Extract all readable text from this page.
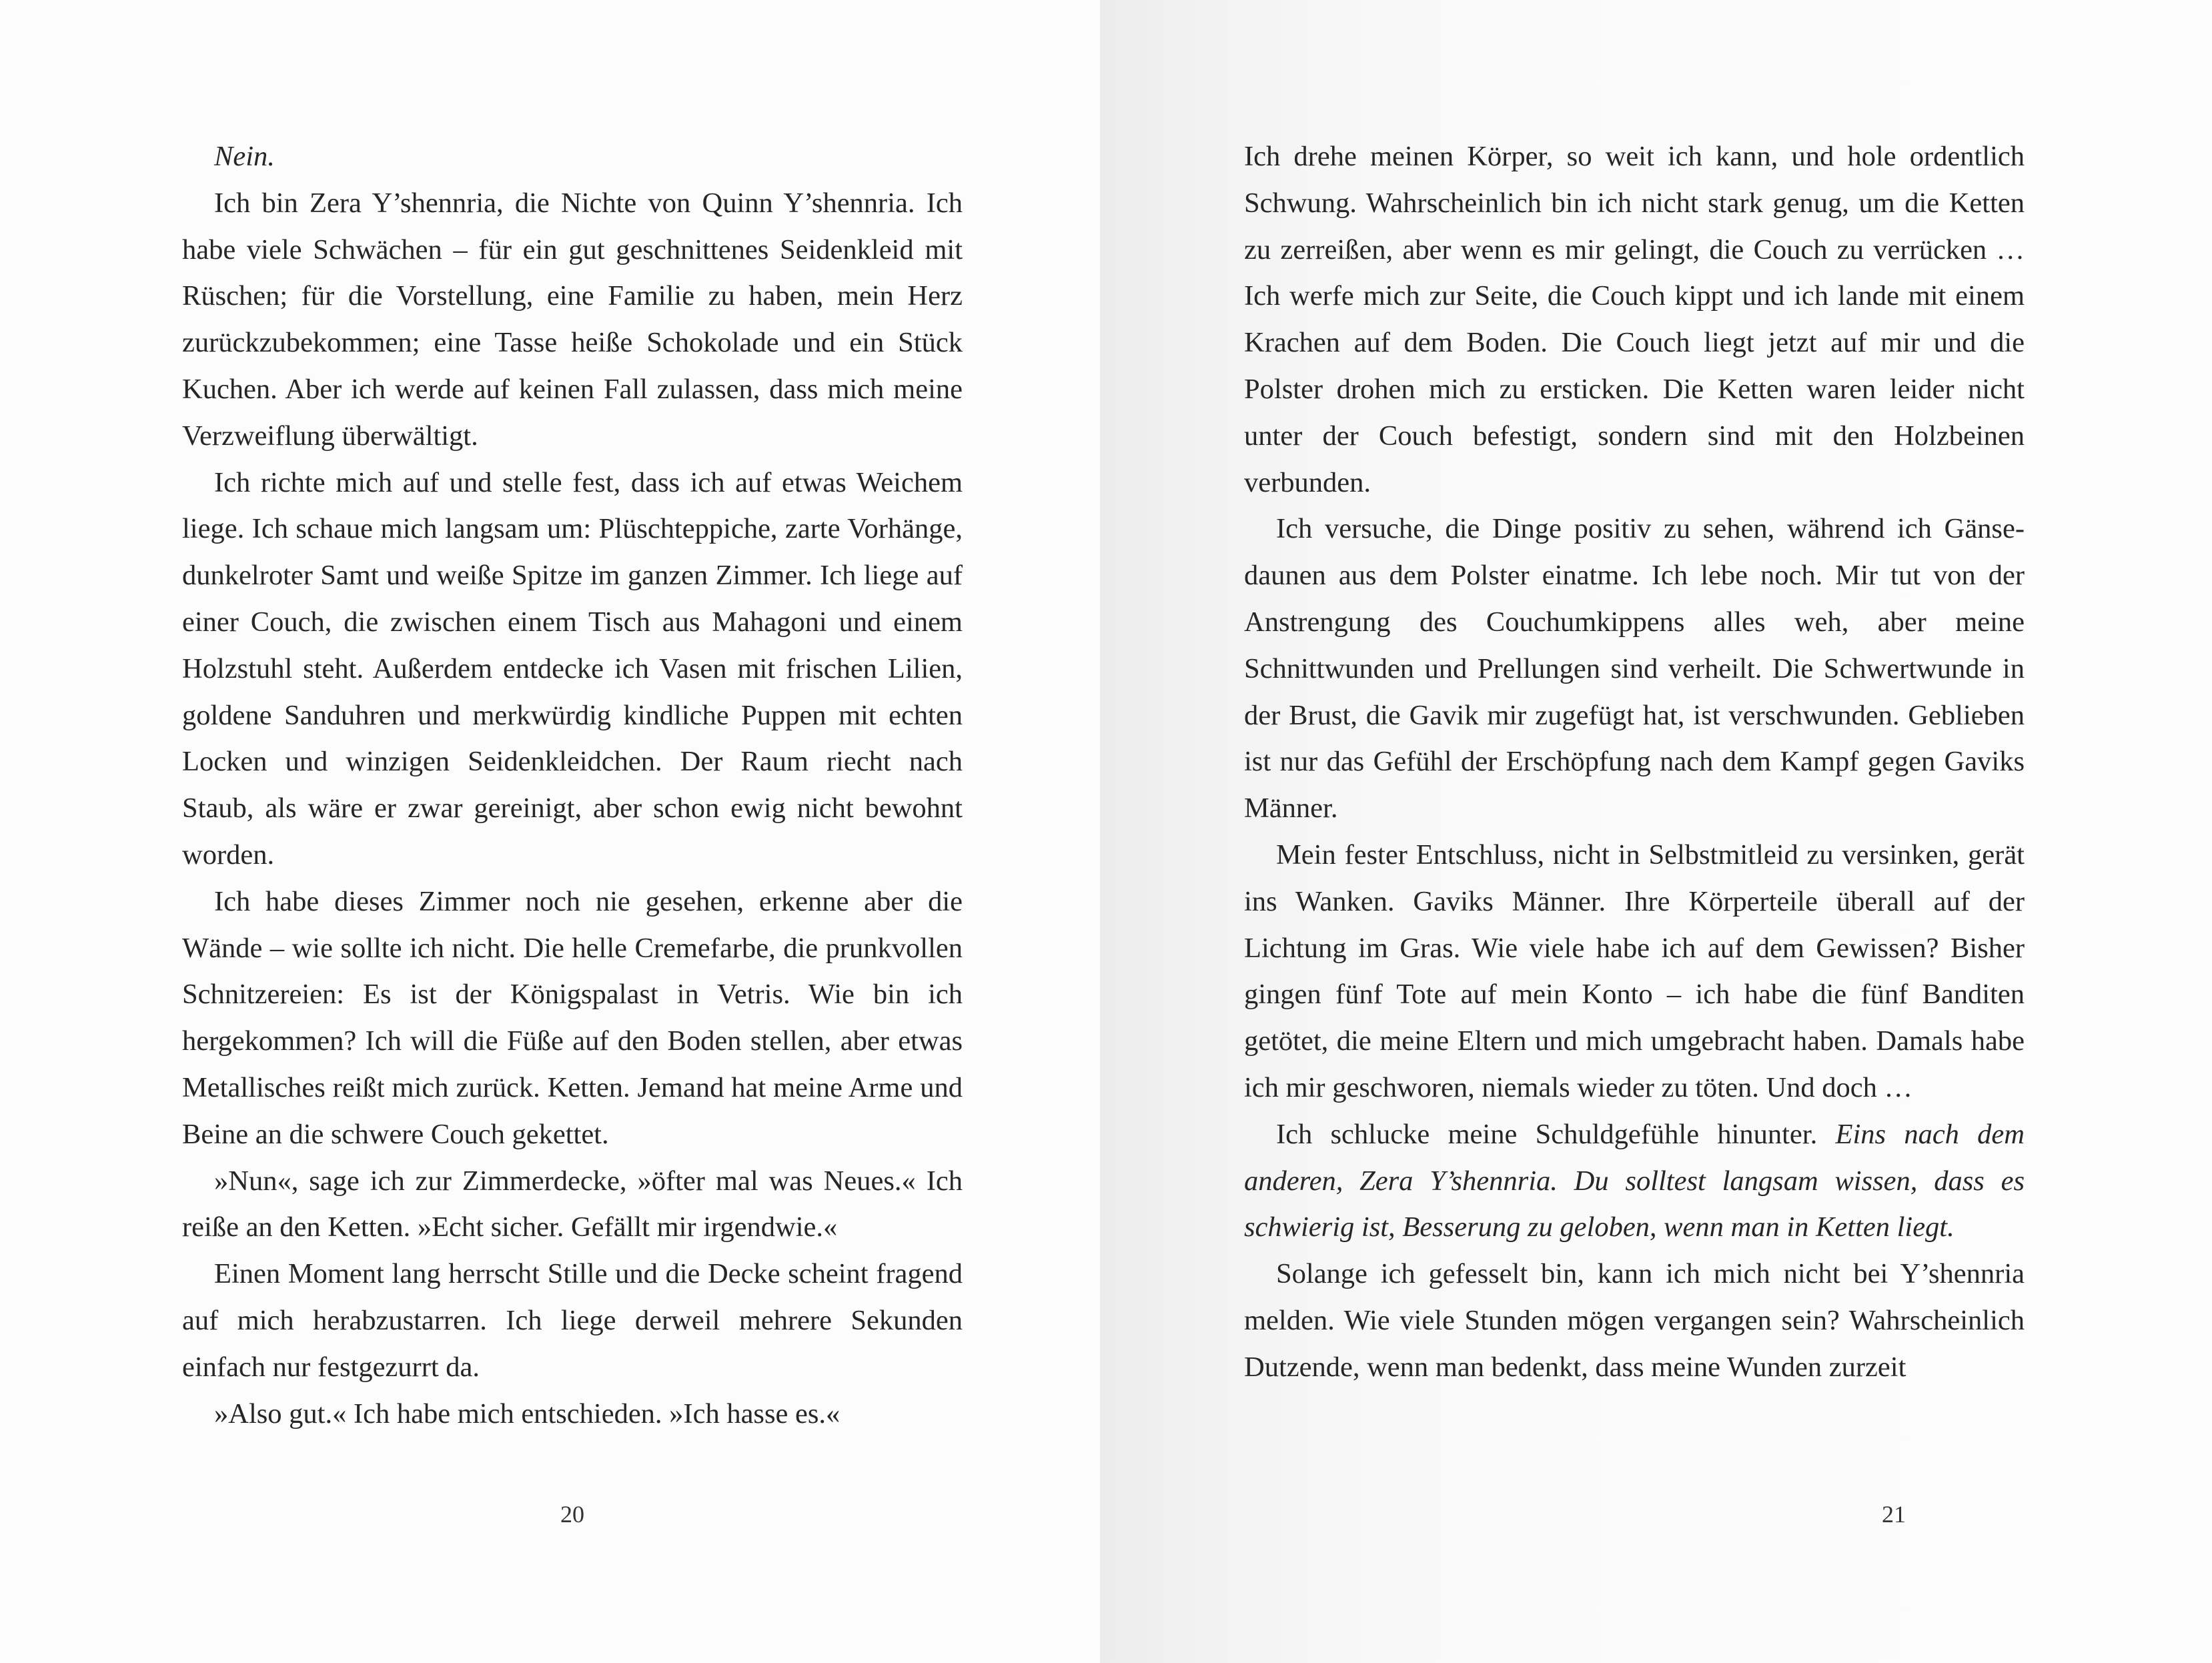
Nein.

Ich bin Zera Y’shennria, die Nichte von Quinn Y’shennria. Ich habe viele Schwächen – für ein gut geschnittenes Seidenkleid mit Rüschen; für die Vorstellung, eine Familie zu haben, mein Herz zurückzubekommen; eine Tasse heiße Schokolade und ein Stück Kuchen. Aber ich werde auf keinen Fall zulassen, dass mich meine Verzweiflung überwältigt.

Ich richte mich auf und stelle fest, dass ich auf etwas Weichem liege. Ich schaue mich langsam um: Plüschteppiche, zarte Vorhänge, dunkelroter Samt und weiße Spitze im ganzen Zimmer. Ich liege auf einer Couch, die zwischen einem Tisch aus Mahagoni und einem Holzstuhl steht. Außerdem entdecke ich Vasen mit frischen Lilien, goldene Sanduhren und merkwürdig kindliche Puppen mit echten Locken und winzigen Seidenkleidchen. Der Raum riecht nach Staub, als wäre er zwar gereinigt, aber schon ewig nicht bewohnt worden.

Ich habe dieses Zimmer noch nie gesehen, erkenne aber die Wände – wie sollte ich nicht. Die helle Cremefarbe, die prunkvollen Schnitzereien: Es ist der Königspalast in Vetris. Wie bin ich hergekommen? Ich will die Füße auf den Boden stellen, aber etwas Metallisches reißt mich zurück. Ketten. Jemand hat meine Arme und Beine an die schwere Couch gekettet.

»Nun«, sage ich zur Zimmerdecke, »öfter mal was Neues.« Ich reiße an den Ketten. »Echt sicher. Gefällt mir irgendwie.«

Einen Moment lang herrscht Stille und die Decke scheint fragend auf mich herabzustarren. Ich liege derweil mehrere Sekunden einfach nur festgezurrt da.

»Also gut.« Ich habe mich entschieden. »Ich hasse es.«

20

Ich drehe meinen Körper, so weit ich kann, und hole ordentlich Schwung. Wahrscheinlich bin ich nicht stark genug, um die Ketten zu zerreißen, aber wenn es mir gelingt, die Couch zu verrücken … Ich werfe mich zur Seite, die Couch kippt und ich lande mit einem Krachen auf dem Boden. Die Couch liegt jetzt auf mir und die Polster drohen mich zu ersticken. Die Ketten waren leider nicht unter der Couch befestigt, sondern sind mit den Holzbeinen verbunden.

Ich versuche, die Dinge positiv zu sehen, während ich Gänsedaunen aus dem Polster einatme. Ich lebe noch. Mir tut von der Anstrengung des Couchumkippens alles weh, aber meine Schnittwunden und Prellungen sind verheilt. Die Schwertwunde in der Brust, die Gavik mir zugefügt hat, ist verschwunden. Geblieben ist nur das Gefühl der Erschöpfung nach dem Kampf gegen Gaviks Männer.

Mein fester Entschluss, nicht in Selbstmitleid zu versinken, gerät ins Wanken. Gaviks Männer. Ihre Körperteile überall auf der Lichtung im Gras. Wie viele habe ich auf dem Gewissen? Bisher gingen fünf Tote auf mein Konto – ich habe die fünf Banditen getötet, die meine Eltern und mich umgebracht haben. Damals habe ich mir geschworen, niemals wieder zu töten. Und doch …

Ich schlucke meine Schuldgefühle hinunter. Eins nach dem anderen, Zera Y’shennria. Du solltest langsam wissen, dass es schwierig ist, Besserung zu geloben, wenn man in Ketten liegt.

Solange ich gefesselt bin, kann ich mich nicht bei Y’shennria melden. Wie viele Stunden mögen vergangen sein? Wahrscheinlich Dutzende, wenn man bedenkt, dass meine Wunden zurzeit

21
